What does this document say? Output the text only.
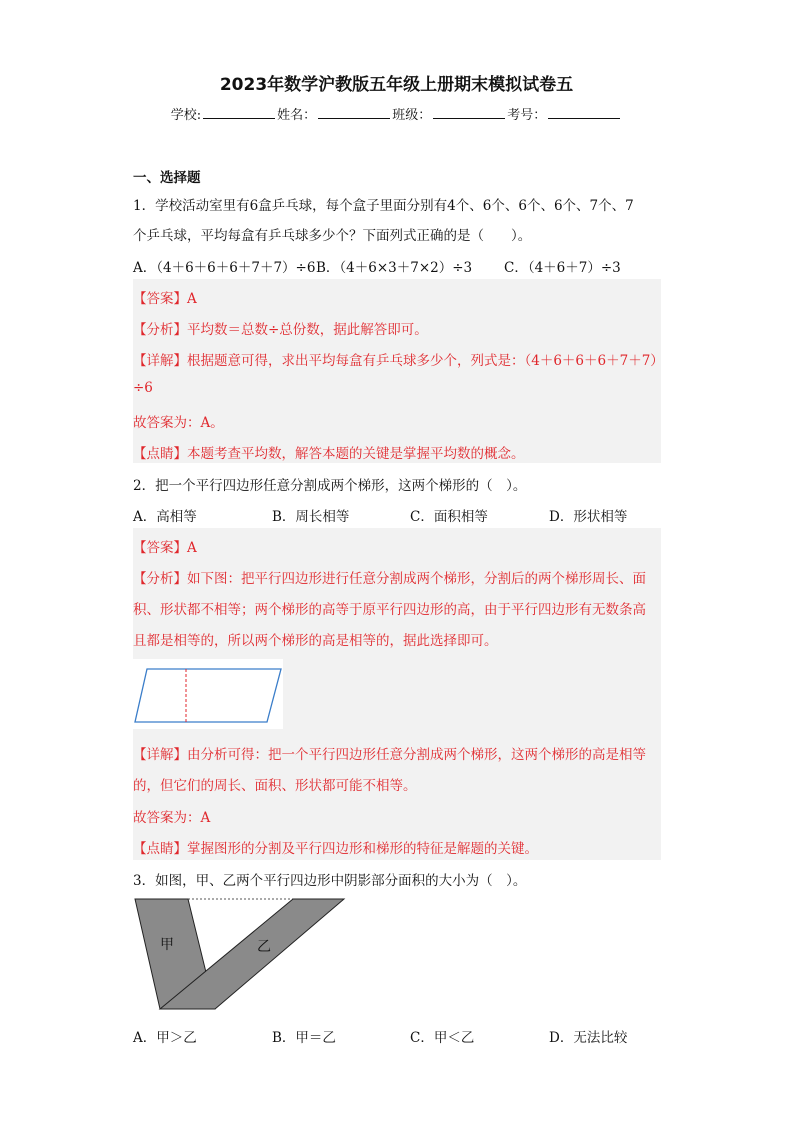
2023年数学沪教版五年级上册期末模拟试卷五
学校:	姓名：	班级：	考号：
一、选择题
1．学校活动室里有6盒乒乓球，每个盒子里面分别有4个、6个、6个、6个、7个、7
个乒乓球，平均每盒有乒乓球多少个？下面列式正确的是（　　）。
A．（4＋6＋6＋6＋7＋7）÷6 B．（4＋6×3＋7×2）÷3 C．（4＋6＋7）÷3
【答案】A
【分析】平均数＝总数÷总份数，据此解答即可。
【详解】根据题意可得，求出平均每盒有乒乓球多少个，列式是：（4＋6＋6＋6＋7＋7）
÷6
故答案为：A。
【点睛】本题考查平均数，解答本题的关键是掌握平均数的概念。
2．把一个平行四边形任意分割成两个梯形，这两个梯形的（　）。
A．高相等	B．周长相等	C．面积相等	D．形状相等
【答案】A
【分析】如下图：把平行四边形进行任意分割成两个梯形，分割后的两个梯形周长、面
积、形状都不相等；两个梯形的高等于原平行四边形的高，由于平行四边形有无数条高
且都是相等的，所以两个梯形的高是相等的，据此选择即可。
【详解】由分析可得：把一个平行四边形任意分割成两个梯形，这两个梯形的高是相等
的，但它们的周长、面积、形状都可能不相等。
故答案为：A
【点睛】掌握图形的分割及平行四边形和梯形的特征是解题的关键。
3．如图，甲、乙两个平行四边形中阴影部分面积的大小为（　）。
甲	乙
A．甲＞乙	B．甲＝乙	C．甲＜乙	D．无法比较
